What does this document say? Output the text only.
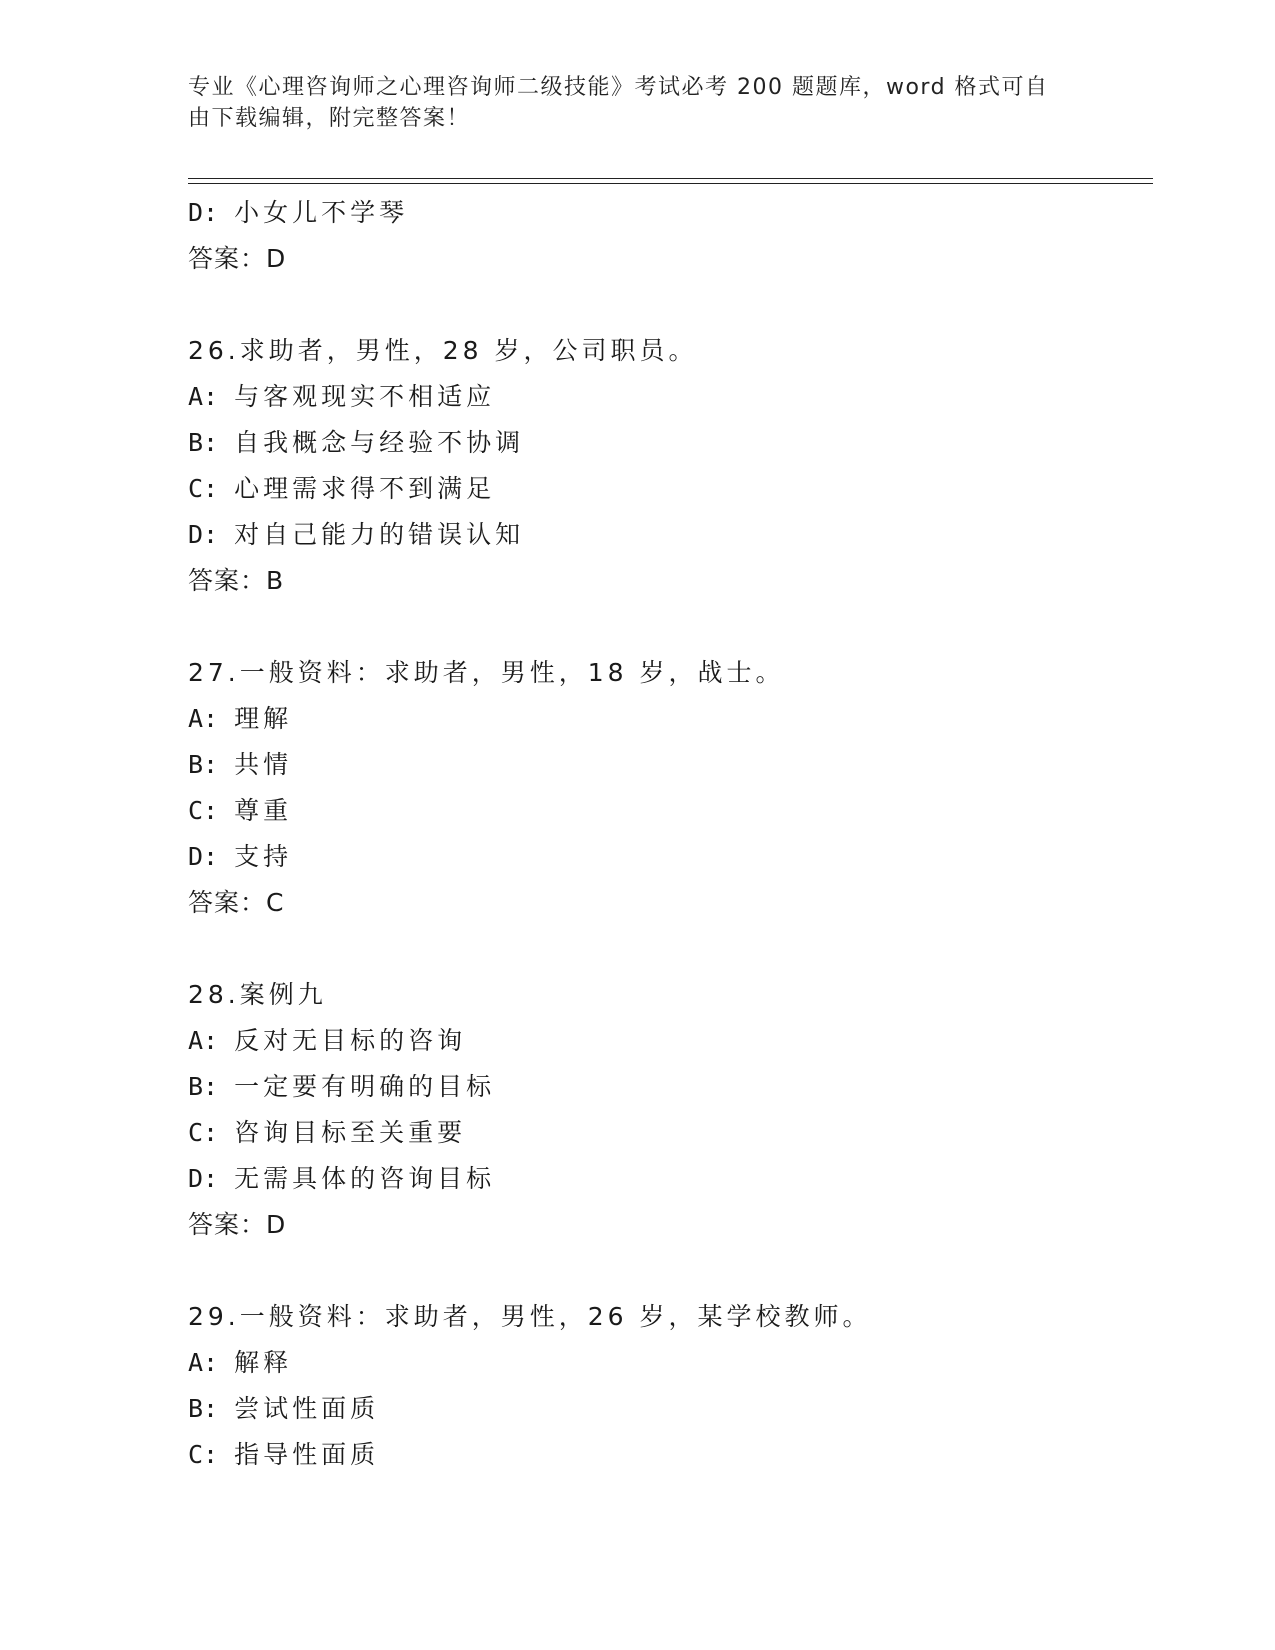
专业《心理咨询师之心理咨询师二级技能》考试必考 200 题题库，word 格式可自
由下载编辑，附完整答案！
D: 小女儿不学琴
答案：D
26.求助者，男性，28 岁，公司职员。
A: 与客观现实不相适应
B: 自我概念与经验不协调
C: 心理需求得不到满足
D: 对自己能力的错误认知
答案：B
27.一般资料：求助者，男性，18 岁，战士。
A: 理解
B: 共情
C: 尊重
D: 支持
答案：C
28.案例九
A: 反对无目标的咨询
B: 一定要有明确的目标
C: 咨询目标至关重要
D: 无需具体的咨询目标
答案：D
29.一般资料：求助者，男性，26 岁，某学校教师。
A: 解释
B: 尝试性面质
C: 指导性面质
